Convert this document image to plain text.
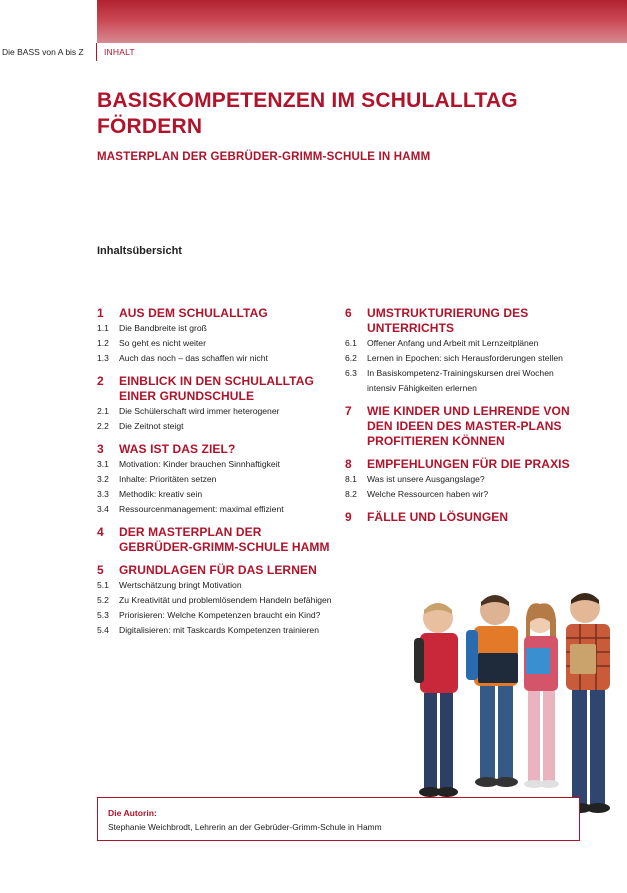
Die BASS von A bis Z INHALT
BASISKOMPETENZEN IM SCHULALLTAG FÖRDERN
MASTERPLAN DER GEBRÜDER-GRIMM-SCHULE IN HAMM
Inhaltsübersicht
1	AUS DEM SCHULALLTAG
1.1	Die Bandbreite ist groß
1.2	So geht es nicht weiter
1.3	Auch das noch – das schaffen wir nicht
2	EINBLICK IN DEN SCHULALLTAG EINER GRUNDSCHULE
2.1	Die Schülerschaft wird immer heterogener
2.2	Die Zeitnot steigt
3	WAS IST DAS ZIEL?
3.1	Motivation: Kinder brauchen Sinnhaftigkeit
3.2	Inhalte: Prioritäten setzen
3.3	Methodik: kreativ sein
3.4	Ressourcenmanagement: maximal effizient
4	DER MASTERPLAN DER GEBRÜDER-GRIMM-SCHULE HAMM
5	GRUNDLAGEN FÜR DAS LERNEN
5.1	Wertschätzung bringt Motivation
5.2	Zu Kreativität und problemlösendem Handeln befähigen
5.3	Priorisieren: Welche Kompetenzen braucht ein Kind?
5.4	Digitalisieren: mit Taskcards Kompetenzen trainieren
6	UMSTRUKTURIERUNG DES UNTERRICHTS
6.1	Offener Anfang und Arbeit mit Lernzeitplänen
6.2	Lernen in Epochen: sich Herausforderungen stellen
6.3	In Basiskompetenz-Trainingskursen drei Wochen intensiv Fähigkeiten erlernen
7	WIE KINDER UND LEHRENDE VON DEN IDEEN DES MASTER-PLANS PROFITIEREN KÖNNEN
8	EMPFEHLUNGEN FÜR DIE PRAXIS
8.1	Was ist unsere Ausgangslage?
8.2	Welche Ressourcen haben wir?
9	FÄLLE UND LÖSUNGEN
Die Autorin:
Stephanie Weichbrodt, Lehrerin an der Gebrüder-Grimm-Schule in Hamm
